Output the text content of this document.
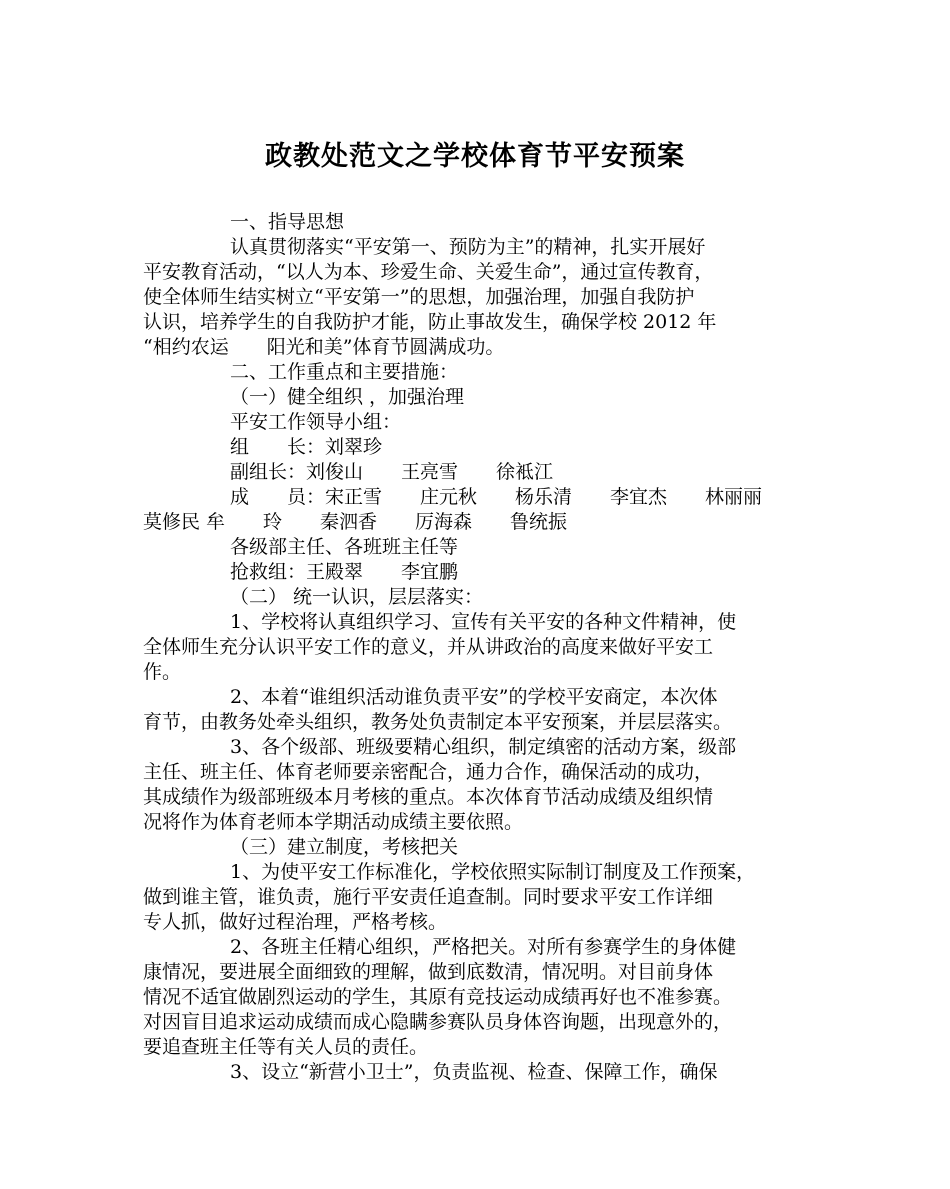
政教处范文之学校体育节平安预案
一、指导思想
认真贯彻落实“平安第一、预防为主”的精神，扎实开展好
平安教育活动，“以人为本、珍爱生命、关爱生命”，通过宣传教育，
使全体师生结实树立“平安第一”的思想，加强治理，加强自我防护
认识，培养学生的自我防护才能，防止事故发生，确保学校 2012 年
“相约农运　　阳光和美”体育节圆满成功。
二、工作重点和主要措施：
（一）健全组织 ，加强治理
平安工作领导小组：
组　　长：刘翠珍
副组长：刘俊山　　王亮雪　　徐袛江
成　　员：宋正雪　　庄元秋　　杨乐清　　李宜杰　　林丽丽
莫修民 牟　　玲　　秦泗香　　厉海森　　鲁统振
各级部主任、各班班主任等
抢救组：王殿翠　　李宜鹏
（二） 统一认识，层层落实：
1、学校将认真组织学习、宣传有关平安的各种文件精神，使
全体师生充分认识平安工作的意义，并从讲政治的高度来做好平安工
作。
2、本着“谁组织活动谁负责平安”的学校平安商定，本次体
育节，由教务处牵头组织，教务处负责制定本平安预案，并层层落实。
3、各个级部、班级要精心组织，制定缜密的活动方案，级部
主任、班主任、体育老师要亲密配合，通力合作，确保活动的成功，
其成绩作为级部班级本月考核的重点。本次体育节活动成绩及组织情
况将作为体育老师本学期活动成绩主要依照。
（三）建立制度，考核把关
1、为使平安工作标准化，学校依照实际制订制度及工作预案，
做到谁主管，谁负责，施行平安责任追查制。同时要求平安工作详细
专人抓，做好过程治理，严格考核。
2、各班主任精心组织，严格把关。对所有参赛学生的身体健
康情况，要进展全面细致的理解，做到底数清，情况明。对目前身体
情况不适宜做剧烈运动的学生，其原有竞技运动成绩再好也不准参赛。
对因盲目追求运动成绩而成心隐瞒参赛队员身体咨询题，出现意外的，
要追查班主任等有关人员的责任。
3、设立“新营小卫士”，负责监视、检查、保障工作，确保
